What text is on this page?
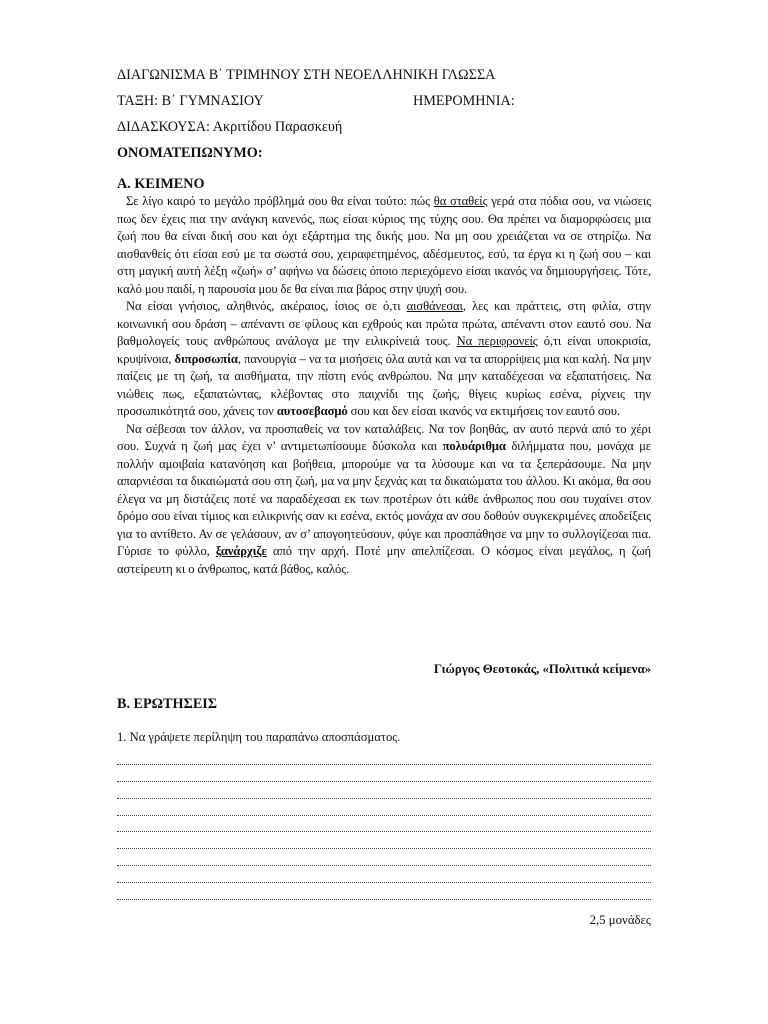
ΔΙΑΓΩΝΙΣΜΑ Β΄ ΤΡΙΜΗΝΟΥ ΣΤΗ ΝΕΟΕΛΛΗΝΙΚΗ ΓΛΩΣΣΑ
ΤΑΞΗ: Β΄ ΓΥΜΝΑΣΙΟΥ	ΗΜΕΡΟΜΗΝΙΑ:
ΔΙΔΑΣΚΟΥΣΑ: Ακριτίδου Παρασκευή
ΟΝΟΜΑΤΕΠΩΝΥΜΟ:
Α. ΚΕΙΜΕΝΟ

Σε λίγο καιρό το μεγάλο πρόβλημά σου θα είναι τούτο: πώς θα σταθείς γερά στα πόδια σου, να νιώσεις πως δεν έχεις πια την ανάγκη κανενός, πως είσαι κύριος της τύχης σου. Θα πρέπει να διαμορφώσεις μια ζωή που θα είναι δική σου και όχι εξάρτημα της δικής μου. Να μη σου χρειάζεται να σε στηρίζω. Να αισθανθείς ότι είσαι εσύ με τα σωστά σου, χειραφετημένος, αδέσμευτος, εσύ, τα έργα κι η ζωή σου – και στη μαγική αυτή λέξη «ζωή» σ’ αφήνω να δώσεις όποιο περιεχόμενο είσαι ικανός να δημιουργήσεις. Τότε, καλό μου παιδί, η παρουσία μου δε θα είναι πια βάρος στην ψυχή σου.

Να είσαι γνήσιος, αληθινός, ακέραιος, ίσιος σε ό,τι αισθάνεσαι, λες και πράττεις, στη φιλία, στην κοινωνική σου δράση – απέναντι σε φίλους και εχθρούς και πρώτα πρώτα, απέναντι στον εαυτό σου. Να βαθμολογείς τους ανθρώπους ανάλογα με την ειλικρίνειά τους. Να περιφρονείς ό,τι είναι υποκρισία, κρυψίνοια, διπροσωπία, πανουργία – να τα μισήσεις όλα αυτά και να τα απορρίψεις μια και καλή. Να μην παίζεις με τη ζωή, τα αισθήματα, την πίστη ενός ανθρώπου. Να μην καταδέχεσαι να εξαπατήσεις. Να νιώθεις πως, εξαπατώντας, κλέβοντας στο παιχνίδι της ζωής, θίγεις κυρίως εσένα, ρίχνεις την προσωπικότητά σου, χάνεις τον αυτοσεβασμό σου και δεν είσαι ικανός να εκτιμήσεις τον εαυτό σου.

Να σέβεσαι τον άλλον, να προσπαθείς να τον καταλάβεις. Να τον βοηθάς, αν αυτό περνά από το χέρι σου. Συχνά η ζωή μας έχει ν’ αντιμετωπίσουμε δύσκολα και πολυάριθμα διλήμματα που, μονάχα με πολλήν αμοιβαία κατανόηση και βοήθεια, μπορούμε να τα λύσουμε και να τα ξεπεράσουμε. Να μην απαρνιέσαι τα δικαιώματά σου στη ζωή, μα να μην ξεχνάς και τα δικαιώματα του άλλου. Κι ακόμα, θα σου έλεγα να μη διστάζεις ποτέ να παραδέχεσαι εκ των προτέρων ότι κάθε άνθρωπος που σου τυχαίνει στον δρόμο σου είναι τίμιος και ειλικρινής σαν κι εσένα, εκτός μονάχα αν σου δοθούν συγκεκριμένες αποδείξεις για το αντίθετο. Αν σε γελάσουν, αν σ’ απογοητεύσουν, φύγε και προσπάθησε να μην το συλλογίζεσαι πια. Γύρισε το φύλλο, ξανάρχιζε από την αρχή. Ποτέ μην απελπίζεσαι. Ο κόσμος είναι μεγάλος, η ζωή αστείρευτη κι ο άνθρωπος, κατά βάθος, καλός.

Γιώργος Θεοτοκάς, «Πολιτικά κείμενα»
Β. ΕΡΩΤΗΣΕΙΣ
1. Να γράψετε περίληψη του παραπάνω αποσπάσματος.
2,5 μονάδες
